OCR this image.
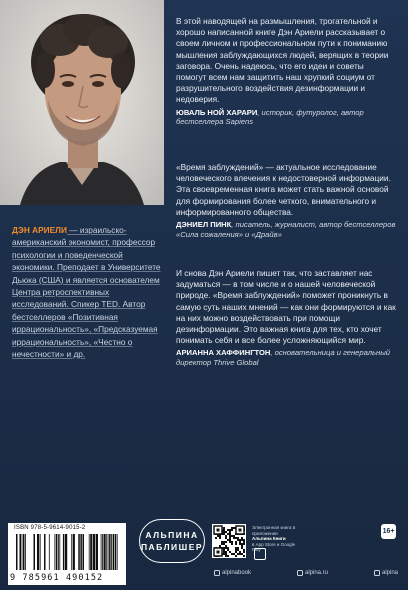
В этой наводящей на размышления, трогательной и хорошо написанной книге Дэн Ариели рассказывает о своем личном и профессиональном пути к пониманию мышления заблуждающихся людей, верящих в теории заговора. Очень надеюсь, что его идеи и советы помогут всем нам защитить наш хрупкий социум от разрушительного воздействия дезинформации и недоверия.

ЮВАЛЬ НОЙ ХАРАРИ, историк, футуролог, автор бестселлера Sapiens

«Время заблуждений» — актуальное исследование человеческого влечения к недостоверной информации. Эта своевременная книга может стать важной основой для формирования более четкого, внимательного и информированного общества.

ДЭНИЕЛ ПИНК, писатель, журналист, автор бестселлеров «Сила сожаления» и «Драйв»

И снова Дэн Ариели пишет так, что заставляет нас задуматься — в том числе и о нашей человеческой природе. «Время заблуждений» поможет проникнуть в самую суть наших мнений — как они формируются и как на них можно воздействовать при помощи дезинформации. Это важная книга для тех, кто хочет понимать себя и все более усложняющийся мир.

АРИАННА ХАФФИНГТОН, основательница и генеральный директор Thrive Global
ДЭН АРИЕЛИ — израильско-американский экономист, профессор психологии и поведенческой экономики. Преподает в Университете Дьюка (США) и является основателем Центра ретроспективных исследований. Спикер TED. Автор бестселлеров «Позитивная иррациональность», «Предсказуемая иррациональность», «Честно о нечестности» и др.
ISBN 978-5-9614-9015-2
9 785961 490152
АЛЬПИНА
ПАБЛИШЕР
Электронная книга в приложении
Альпина Книги
в App Store и Google Play
16+
alpinabook	alpina.ru	alpina
